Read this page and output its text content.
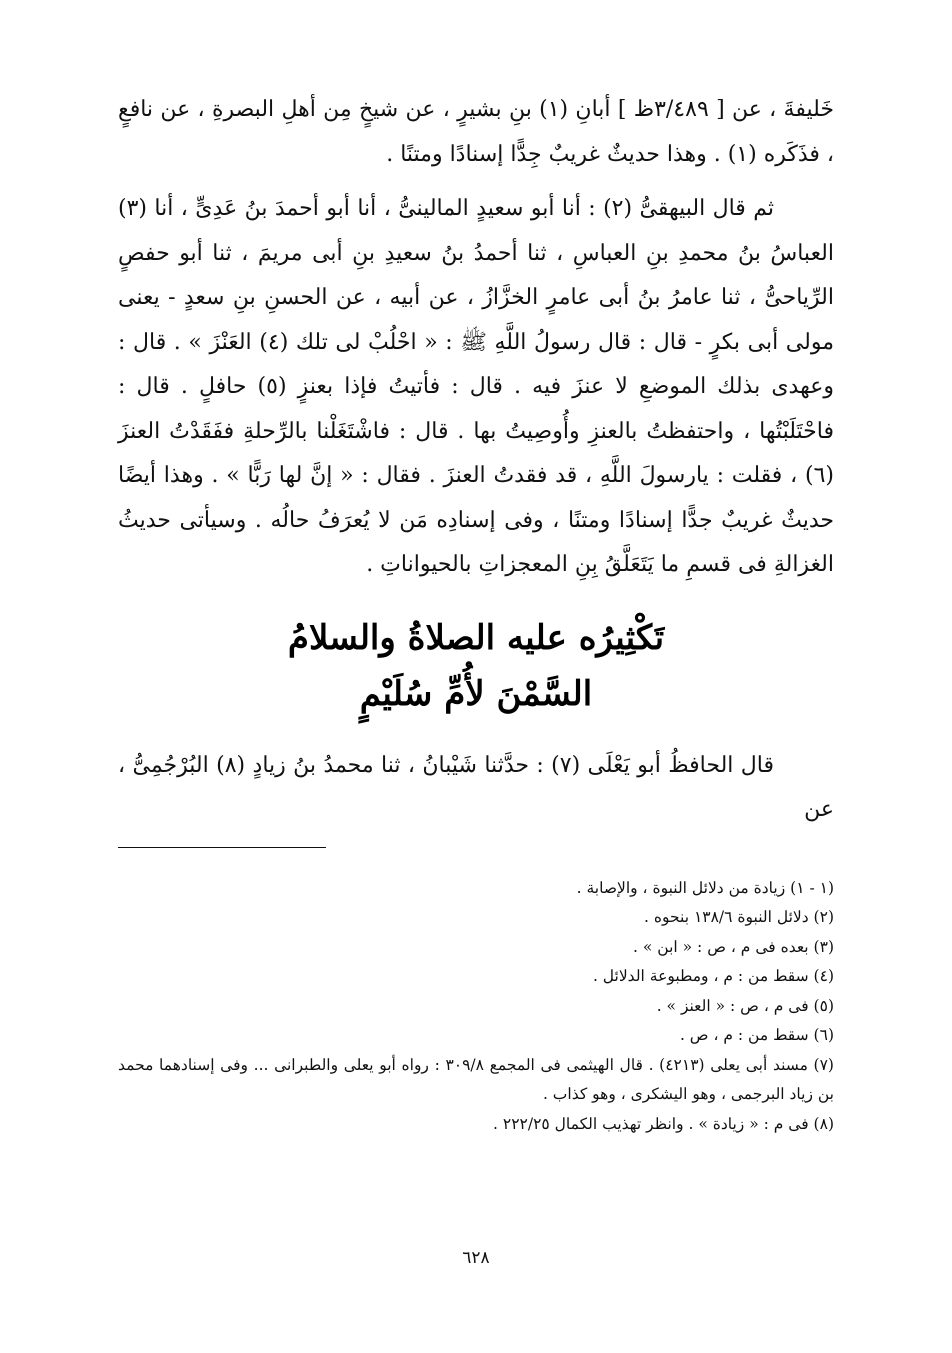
خَليفةَ ، عن [ ٣/٤٨٩ظ ] أبانِ (١) بنِ بشيرٍ ، عن شيخٍ مِن أهلِ البصرةِ ، عن نافعٍ ، فذَكَره (١) . وهذا حديثٌ غريبٌ جِدًّا إسنادًا ومتنًا .

ثم قال البيهقىُّ (٢) : أنا أبو سعيدٍ المالينىُّ ، أنا أبو أحمدَ بنُ عَدِىٍّ ، أنا (٣) العباسُ بنُ محمدِ بنِ العباسِ ، ثنا أحمدُ بنُ سعيدِ بنِ أبى مريمَ ، ثنا أبو حفصٍ الرِّياحىُّ ، ثنا عامرُ بنُ أبى عامرٍ الخزَّازُ ، عن أبيه ، عن الحسنِ بنِ سعدٍ - يعنى مولى أبى بكرٍ - قال : قال رسولُ اللَّهِ ﷺ : « احْلُبْ لى تلك (٤) العَنْزَ » . قال : وعهدى بذلك الموضعِ لا عنزَ فيه . قال : فأتيتُ فإذا بعنزٍ (٥) حافلٍ . قال : فاحْتَلَبْتُها ، واحتفظتُ بالعنزِ وأُوصِيتُ بها . قال : فاشْتَغَلْنا بالرِّحلةِ ففَقَدْتُ العنزَ (٦) ، فقلت : يارسولَ اللَّهِ ، قد فقدتُ العنزَ . فقال : « إنَّ لها رَبًّا » . وهذا أيضًا حديثٌ غريبٌ جدًّا إسنادًا ومتنًا ، وفى إسنادِه مَن لا يُعرَفُ حالُه . وسيأتى حديثُ الغزالةِ فى قسمِ ما يَتَعَلَّقُ بِنِ المعجزاتِ بالحيواناتِ .

تَكْثِيرُه عليه الصلاةُ والسلامُ

السَّمْنَ لأُمِّ سُلَيْمٍ

قال الحافظُ أبو يَعْلَى (٧) : حدَّثنا شَيْبانُ ، ثنا محمدُ بنُ زيادٍ (٨) البُرْجُمِىُّ ، عن

(١ - ١) زيادة من دلائل النبوة ، والإصابة .

(٢) دلائل النبوة ١٣٨/٦ بنحوه .

(٣) بعده فى م ، ص : « ابن » .

(٤) سقط من : م ، ومطبوعة الدلائل .

(٥) فى م ، ص : « العنز » .

(٦) سقط من : م ، ص .

(٧) مسند أبى يعلى (٤٢١٣) . قال الهيثمى فى المجمع ٣٠٩/٨ : رواه أبو يعلى والطبرانى ... وفى إسنادهما محمد بن زياد البرجمى ، وهو اليشكرى ، وهو كذاب .

(٨) فى م : « زيادة » . وانظر تهذيب الكمال ٢٢٢/٢٥ .

٦٢٨
